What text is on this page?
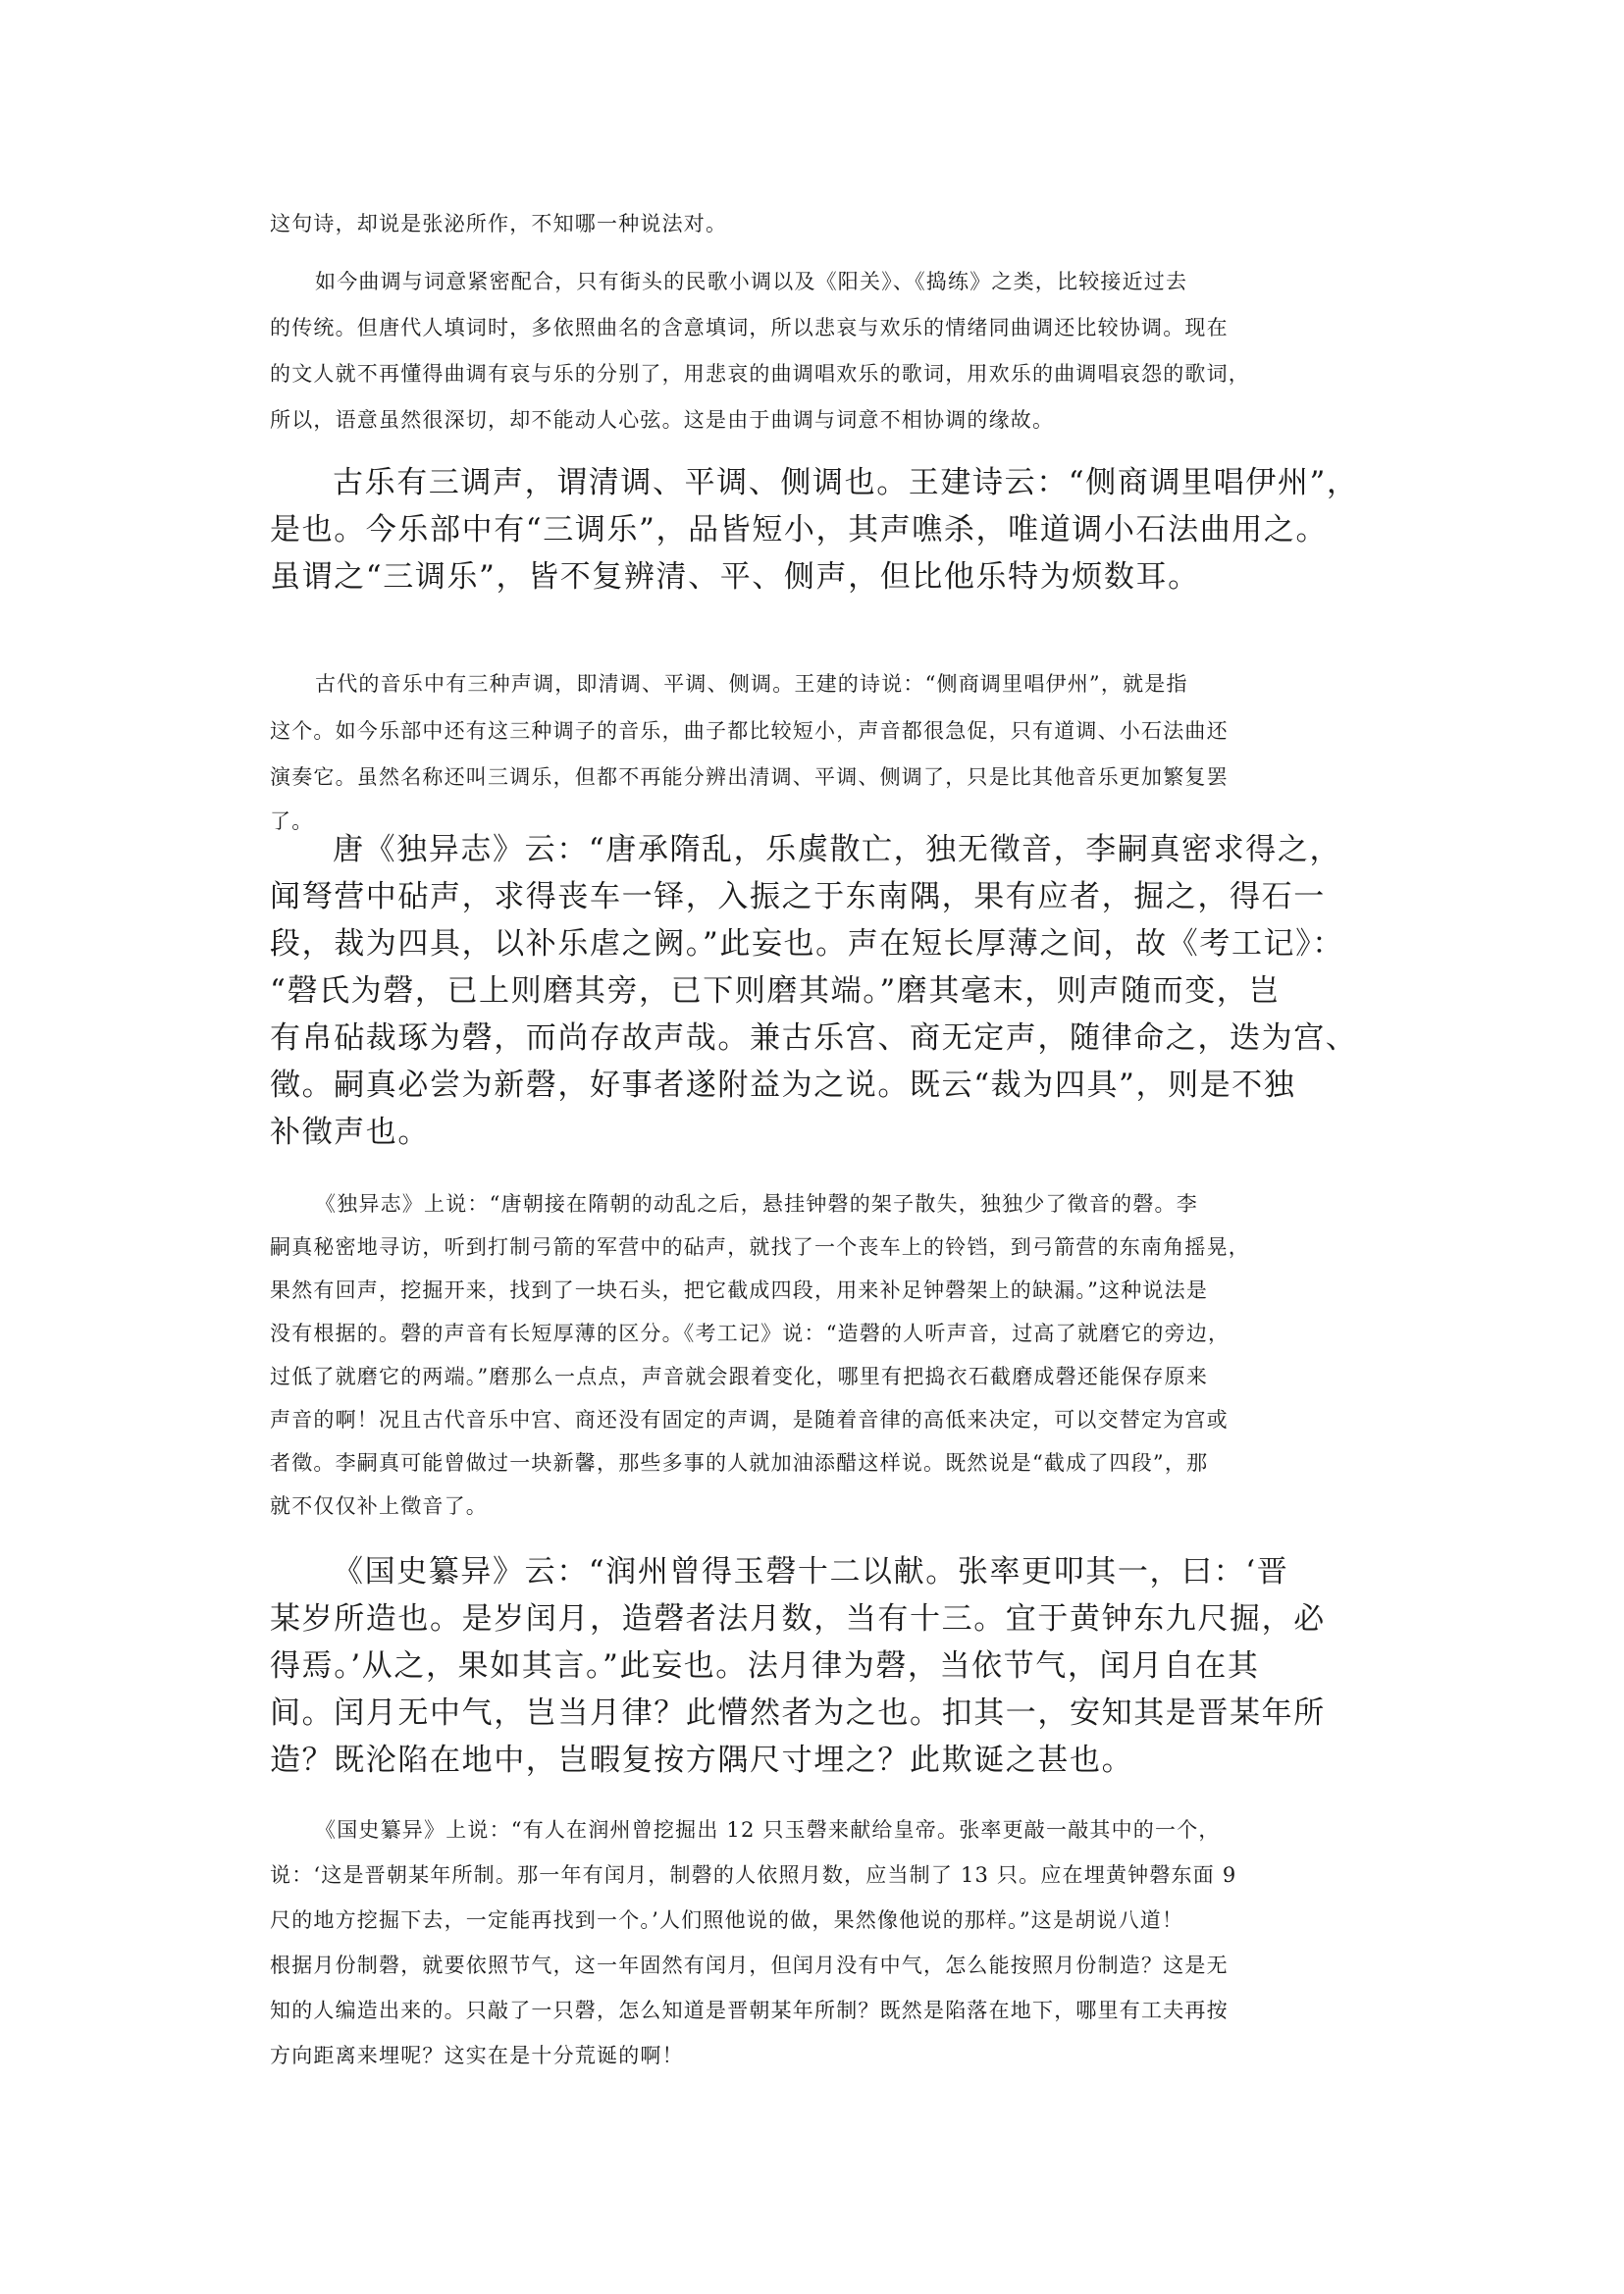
这句诗，却说是张泌所作，不知哪一种说法对。
如今曲调与词意紧密配合，只有街头的民歌小调以及《阳关》、《捣练》之类，比较接近过去
的传统。但唐代人填词时，多依照曲名的含意填词，所以悲哀与欢乐的情绪同曲调还比较协调。现在
的文人就不再懂得曲调有哀与乐的分别了，用悲哀的曲调唱欢乐的歌词，用欢乐的曲调唱哀怨的歌词，
所以，语意虽然很深切，却不能动人心弦。这是由于曲调与词意不相协调的缘故。
古乐有三调声，谓清调、平调、侧调也。王建诗云：“侧商调里唱伊州”，
是也。今乐部中有“三调乐”，品皆短小，其声噍杀，唯道调小石法曲用之。
虽谓之“三调乐”，皆不复辨清、平、侧声，但比他乐特为烦数耳。
古代的音乐中有三种声调，即清调、平调、侧调。王建的诗说：“侧商调里唱伊州”，就是指
这个。如今乐部中还有这三种调子的音乐，曲子都比较短小，声音都很急促，只有道调、小石法曲还
演奏它。虽然名称还叫三调乐，但都不再能分辨出清调、平调、侧调了，只是比其他音乐更加繁复罢
了。
唐《独异志》云：“唐承隋乱，乐虡散亡，独无徵音，李嗣真密求得之，
闻弩营中砧声，求得丧车一铎，入振之于东南隅，果有应者，掘之，得石一
段，裁为四具，以补乐虐之阙。”此妄也。声在短长厚薄之间，故《考工记》：
“磬氏为磬，已上则磨其旁，已下则磨其端。”磨其毫末，则声随而变，岂
有帛砧裁琢为磬，而尚存故声哉。兼古乐宫、商无定声，随律命之，迭为宫、
徵。嗣真必尝为新磬，好事者遂附益为之说。既云“裁为四具”，则是不独
补徵声也。
《独异志》上说：“唐朝接在隋朝的动乱之后，悬挂钟磬的架子散失，独独少了徵音的磬。李
嗣真秘密地寻访，听到打制弓箭的军营中的砧声，就找了一个丧车上的铃铛，到弓箭营的东南角摇晃，
果然有回声，挖掘开来，找到了一块石头，把它截成四段，用来补足钟磬架上的缺漏。”这种说法是
没有根据的。磬的声音有长短厚薄的区分。《考工记》说：“造磬的人听声音，过高了就磨它的旁边，
过低了就磨它的两端。”磨那么一点点，声音就会跟着变化，哪里有把捣衣石截磨成磬还能保存原来
声音的啊！况且古代音乐中宫、商还没有固定的声调，是随着音律的高低来决定，可以交替定为宫或
者徵。李嗣真可能曾做过一块新馨，那些多事的人就加油添醋这样说。既然说是“截成了四段”，那
就不仅仅补上徵音了。
《国史纂异》云：“润州曾得玉磬十二以献。张率更叩其一，曰：‘晋
某岁所造也。是岁闰月，造磬者法月数，当有十三。宜于黄钟东九尺掘，必
得焉。’从之，果如其言。”此妄也。法月律为磬，当依节气，闰月自在其
间。闰月无中气，岂当月律？此懵然者为之也。扣其一，安知其是晋某年所
造？既沦陷在地中，岂暇复按方隅尺寸埋之？此欺诞之甚也。
《国史纂异》上说：“有人在润州曾挖掘出 12 只玉磬来献给皇帝。张率更敲一敲其中的一个，
说：‘这是晋朝某年所制。那一年有闰月，制磬的人依照月数，应当制了 13 只。应在埋黄钟磬东面 9
尺的地方挖掘下去，一定能再找到一个。’人们照他说的做，果然像他说的那样。”这是胡说八道！
根据月份制磬，就要依照节气，这一年固然有闰月，但闰月没有中气，怎么能按照月份制造？这是无
知的人编造出来的。只敲了一只磬，怎么知道是晋朝某年所制？既然是陷落在地下，哪里有工夫再按
方向距离来埋呢？这实在是十分荒诞的啊！
